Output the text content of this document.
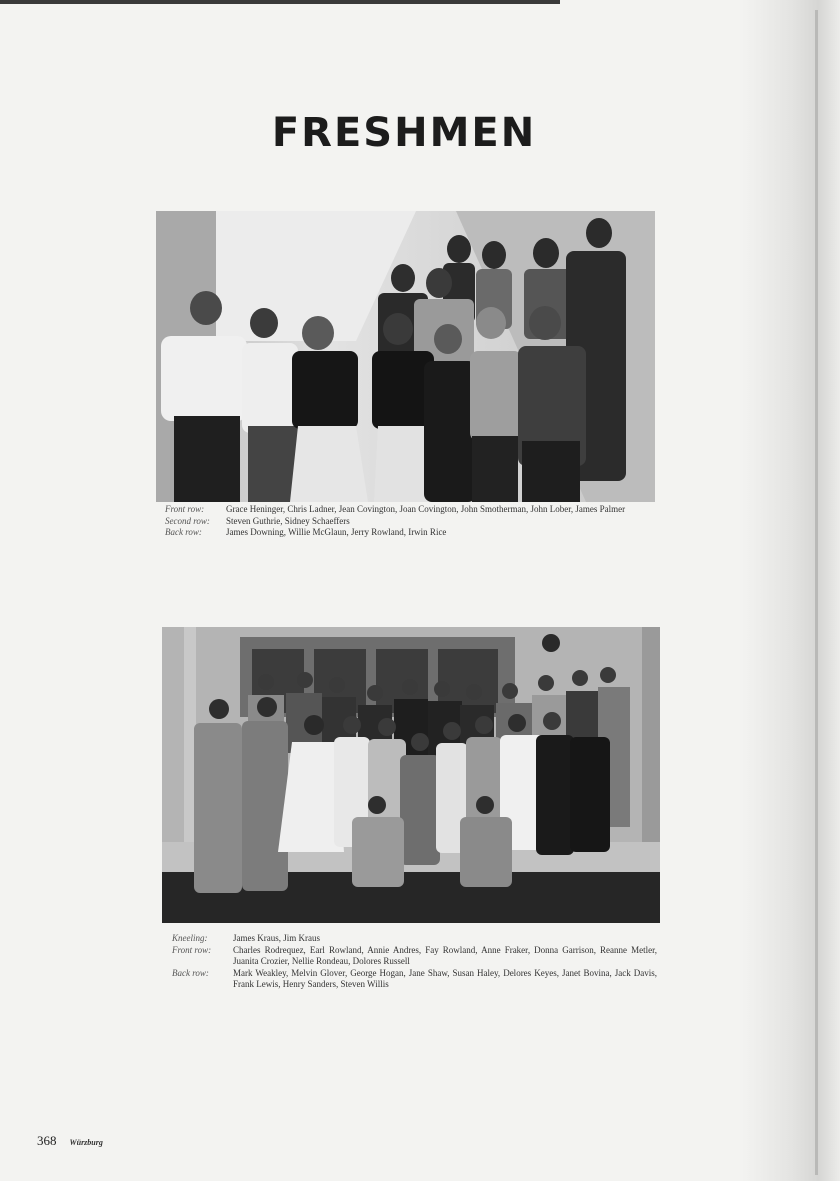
FRESHMEN
Front row:	Grace Heninger, Chris Ladner, Jean Covington, Joan Covington, John Smotherman, John Lober, James Palmer
Second row:	Steven Guthrie, Sidney Schaeffers
Back row:	James Downing, Willie McGlaun, Jerry Rowland, Irwin Rice
Kneeling:	James Kraus, Jim Kraus
Front row:	Charles Rodrequez, Earl Rowland, Annie Andres, Fay Rowland, Anne Fraker, Donna Garrison, Reanne Metler, Juanita Crozier, Nellie Rondeau, Dolores Russell
Back row:	Mark Weakley, Melvin Glover, George Hogan, Jane Shaw, Susan Haley, Delores Keyes, Janet Bovina, Jack Davis, Frank Lewis, Henry Sanders, Steven Willis
368 Würzburg
